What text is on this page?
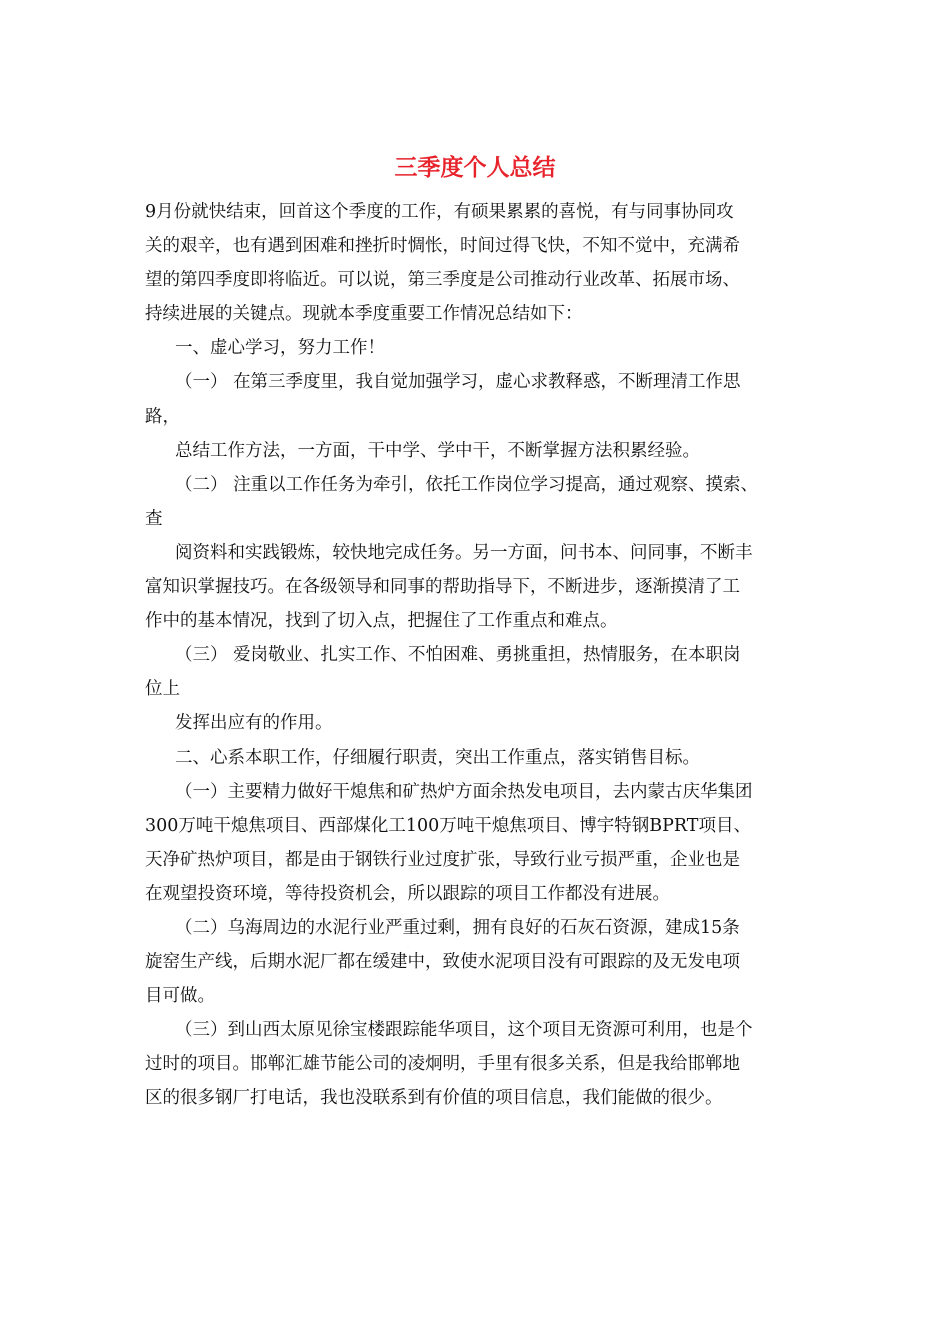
三季度个人总结

9月份就快结束，回首这个季度的工作，有硕果累累的喜悦，有与同事协同攻

关的艰辛，也有遇到困难和挫折时惆怅，时间过得飞快，不知不觉中，充满希

望的第四季度即将临近。可以说，第三季度是公司推动行业改革、拓展市场、

持续进展的关键点。现就本季度重要工作情况总结如下：

一、虚心学习，努力工作！

（一） 在第三季度里，我自觉加强学习，虚心求教释惑，不断理清工作思

路，

总结工作方法，一方面，干中学、学中干，不断掌握方法积累经验。

（二） 注重以工作任务为牵引，依托工作岗位学习提高，通过观察、摸索、

查

阅资料和实践锻炼，较快地完成任务。另一方面，问书本、问同事，不断丰

富知识掌握技巧。在各级领导和同事的帮助指导下，不断进步，逐渐摸清了工

作中的基本情况，找到了切入点，把握住了工作重点和难点。

（三） 爱岗敬业、扎实工作、不怕困难、勇挑重担，热情服务，在本职岗

位上

发挥出应有的作用。

二、心系本职工作，仔细履行职责，突出工作重点，落实销售目标。

（一）主要精力做好干熄焦和矿热炉方面余热发电项目，去内蒙古庆华集团

300万吨干熄焦项目、西部煤化工100万吨干熄焦项目、博宇特钢BPRT项目、

天净矿热炉项目，都是由于钢铁行业过度扩张，导致行业亏损严重，企业也是

在观望投资环境，等待投资机会，所以跟踪的项目工作都没有进展。

（二）乌海周边的水泥行业严重过剩，拥有良好的石灰石资源，建成15条

旋窑生产线，后期水泥厂都在缓建中，致使水泥项目没有可跟踪的及无发电项

目可做。

（三）到山西太原见徐宝楼跟踪能华项目，这个项目无资源可利用，也是个

过时的项目。邯郸汇雄节能公司的凌炯明，手里有很多关系，但是我给邯郸地

区的很多钢厂打电话，我也没联系到有价值的项目信息，我们能做的很少。
